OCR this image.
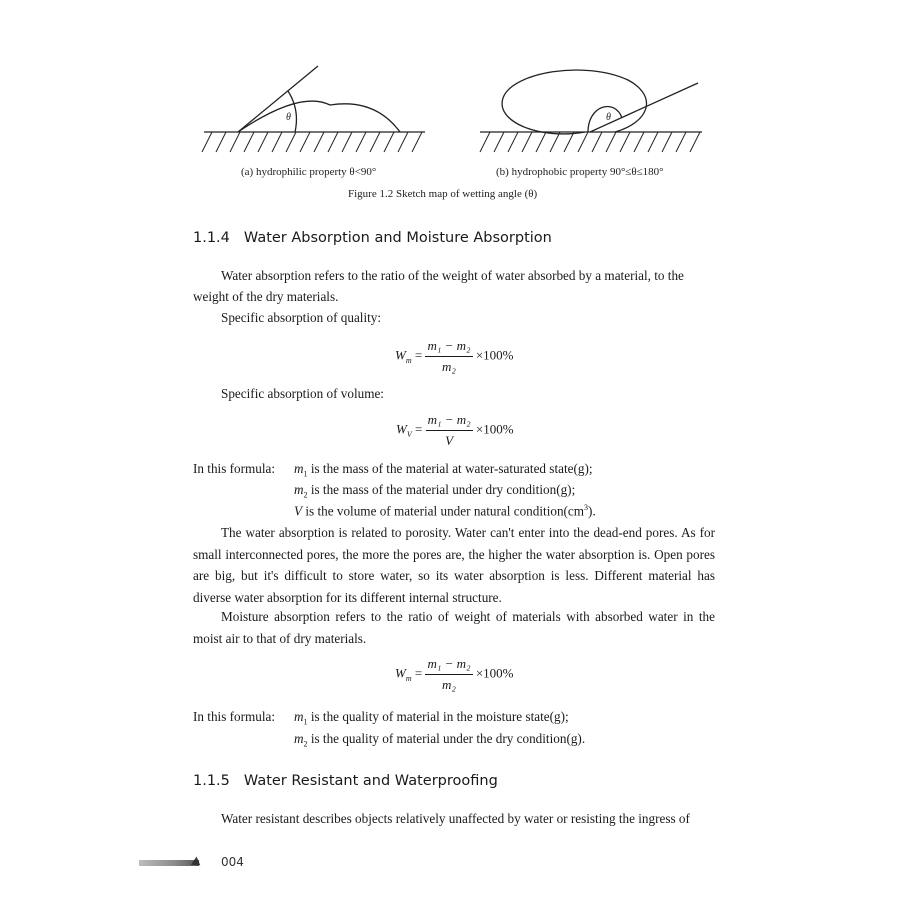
θ	θ
(a) hydrophilic property θ<90°	(b) hydrophobic property 90°≤θ≤180°
Figure 1.2 Sketch map of wetting angle (θ)
1.1.4 Water Absorption and Moisture Absorption
Water absorption refers to the ratio of the weight of water absorbed by a material, to the
weight of the dry materials.
Specific absorption of quality:
$W_m = \frac{\text{m₁ − m₂}}{\text{m₂}} \times 100\%$
Specific absorption of volume:
$W_V = \frac{\text{m₁ − m₂}}{V} \times 100\%$
In this formula: $m_1$ is the mass of the material at water-saturated state(g);
$m_2$ is the mass of the material under dry condition(g);
V is the volume of material under natural $condition(cm^3)$.
The water absorption is related to porosity. Water can't enter into the dead-end pores. As for small interconnected pores, the more the pores are, the higher the water absorption is. Open pores are big, but it's difficult to store water, so its water absorption is less. Different material has diverse water absorption for its different internal structure.
Moisture absorption refers to the ratio of weight of materials with absorbed water in the moist air to that of dry materials.
$W_m = \frac{\text{m₁ − m₂}}{\text{m₂}} \times 100\%$
In this formula: $m_1$ is the quality of material in the moisture state(g);
$m_2$ is the quality of material under the dry condition(g).
1.1.5 Water Resistant and Waterproofing
Water resistant describes objects relatively unaffected by water or resisting the ingress of
004
